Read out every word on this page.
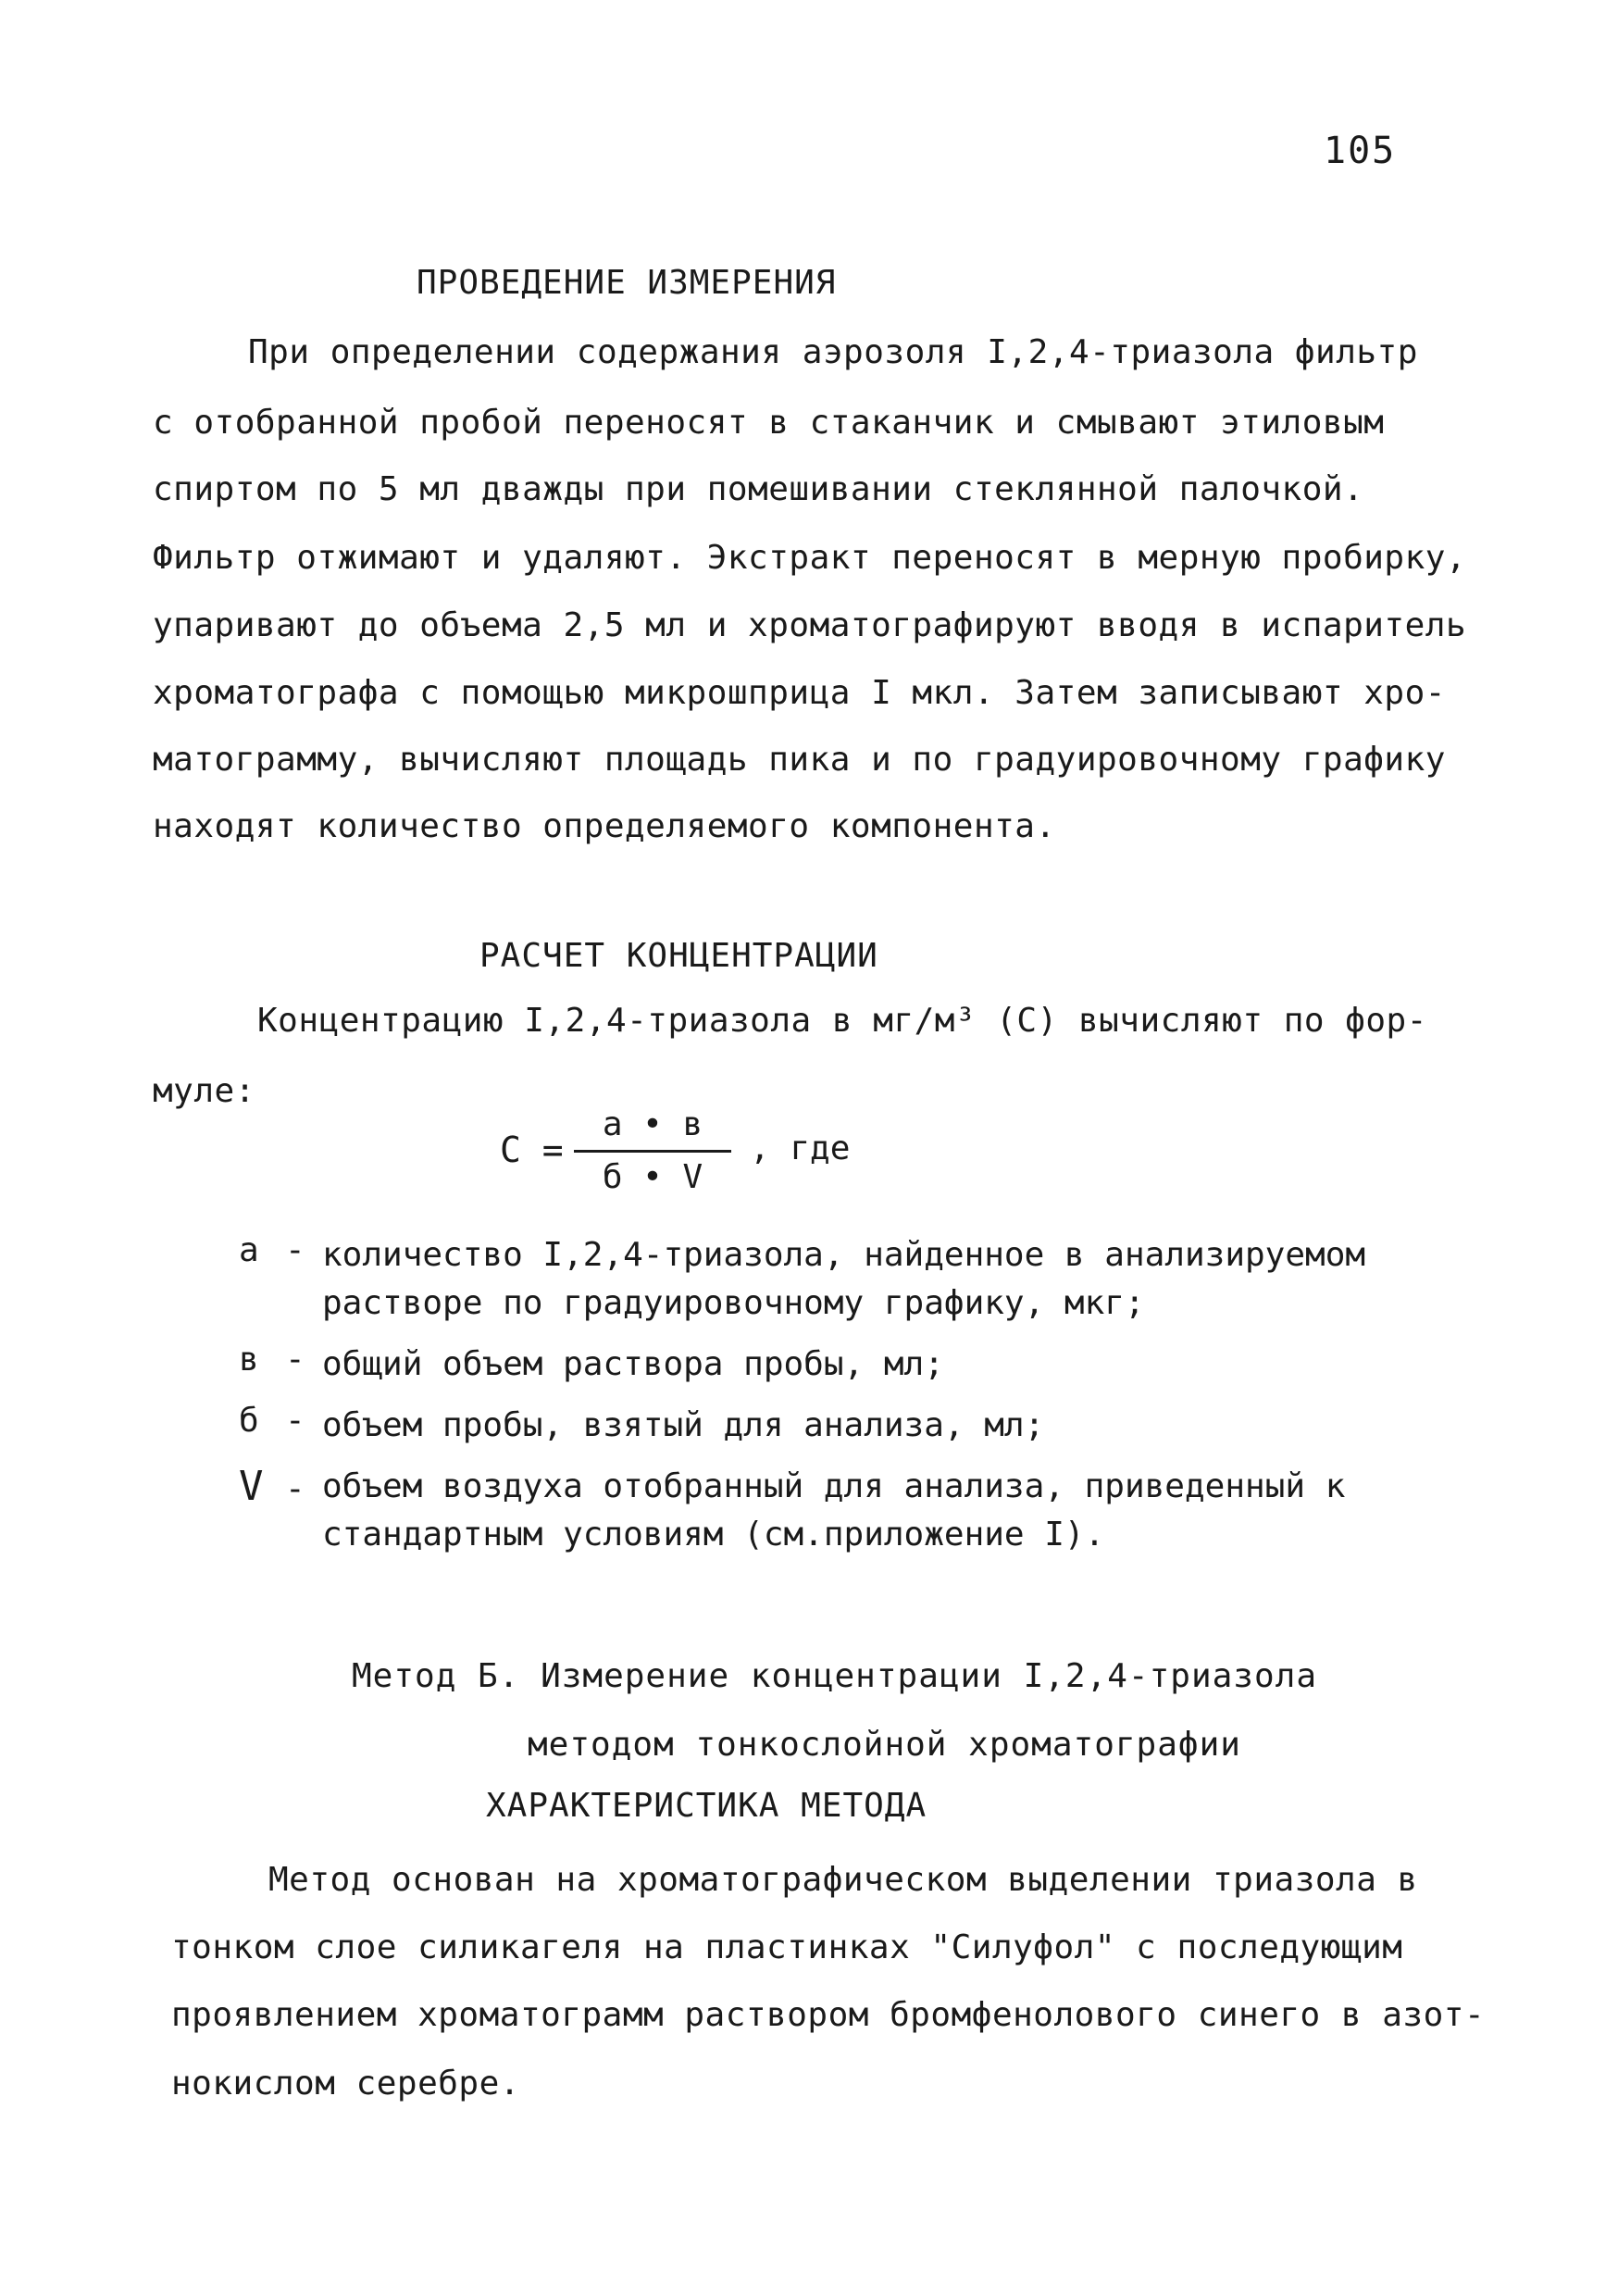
105
ПРОВЕДЕНИЕ ИЗМЕРЕНИЯ
При определении содержания аэрозоля I,2,4-триазола фильтр
с отобранной пробой переносят в стаканчик и смывают этиловым
спиртом по 5 мл дважды при помешивании стеклянной палочкой.
Фильтр отжимают и удаляют. Экстракт переносят в мерную пробирку,
упаривают до объема 2,5 мл и хроматографируют вводя в испаритель
хроматографа с помощью микрошприца I мкл. Затем записывают хро-
матограмму, вычисляют площадь пика и по градуировочному графику
находят количество определяемого компонента.
РАСЧЕТ КОНЦЕНТРАЦИИ
Концентрацию I,2,4-триазола в мг/м³ (С) вычисляют по фор-
муле:
С =
а • в
б • V
, где
а - количество I,2,4-триазола, найденное в анализируемом растворе по градуировочному графику, мкг;
в - общий объем раствора пробы, мл;
б - объем пробы, взятый для анализа, мл;
V - объем воздуха отобранный для анализа, приведенный к стандартным условиям (см.приложение I).
Метод Б. Измерение концентрации I,2,4-триазола
методом тонкослойной хроматографии
ХАРАКТЕРИСТИКА МЕТОДА
Метод основан на хроматографическом выделении триазола в
тонком слое силикагеля на пластинках "Силуфол" с последующим
проявлением хроматограмм раствором бромфенолового синего в азот-
нокислом серебре.
